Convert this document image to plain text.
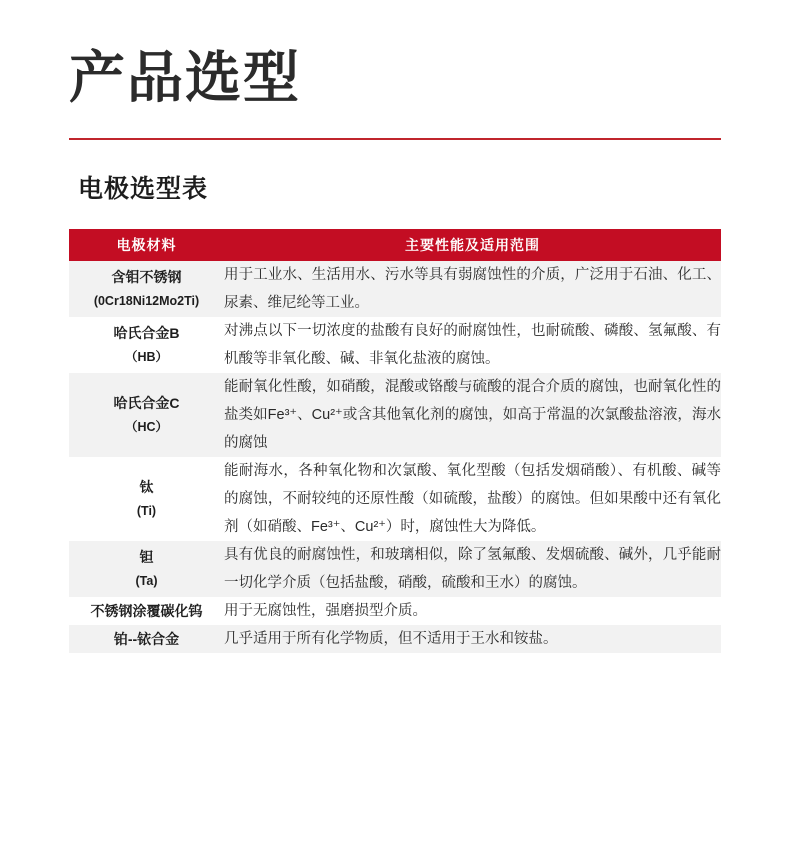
产品选型
电极选型表
电极材料	主要性能及适用范围

含钼不锈钢
(0Cr18Ni12Mo2Ti)	用于工业水、生活用水、污水等具有弱腐蚀性的介质，广泛用于石油、化工、尿素、维尼纶等工业。

哈氏合金B
（HB）	对沸点以下一切浓度的盐酸有良好的耐腐蚀性，也耐硫酸、磷酸、氢氟酸、有机酸等非氧化酸、碱、非氧化盐液的腐蚀。

哈氏合金C
（HC）	能耐氧化性酸，如硝酸，混酸或铬酸与硫酸的混合介质的腐蚀，也耐氧化性的盐类如Fe³⁺、Cu²⁺或含其他氧化剂的腐蚀，如高于常温的次氯酸盐溶液，海水的腐蚀

钛
(Ti)	能耐海水，各种氧化物和次氯酸、氧化型酸（包括发烟硝酸）、有机酸、碱等的腐蚀，不耐较纯的还原性酸（如硫酸，盐酸）的腐蚀。但如果酸中还有氧化剂（如硝酸、Fe³⁺、Cu²⁺）时，腐蚀性大为降低。

钽
(Ta)	具有优良的耐腐蚀性，和玻璃相似，除了氢氟酸、发烟硫酸、碱外，几乎能耐一切化学介质（包括盐酸，硝酸，硫酸和王水）的腐蚀。

不锈钢涂覆碳化钨	用于无腐蚀性，强磨损型介质。

铂--铱合金	几乎适用于所有化学物质，但不适用于王水和铵盐。
